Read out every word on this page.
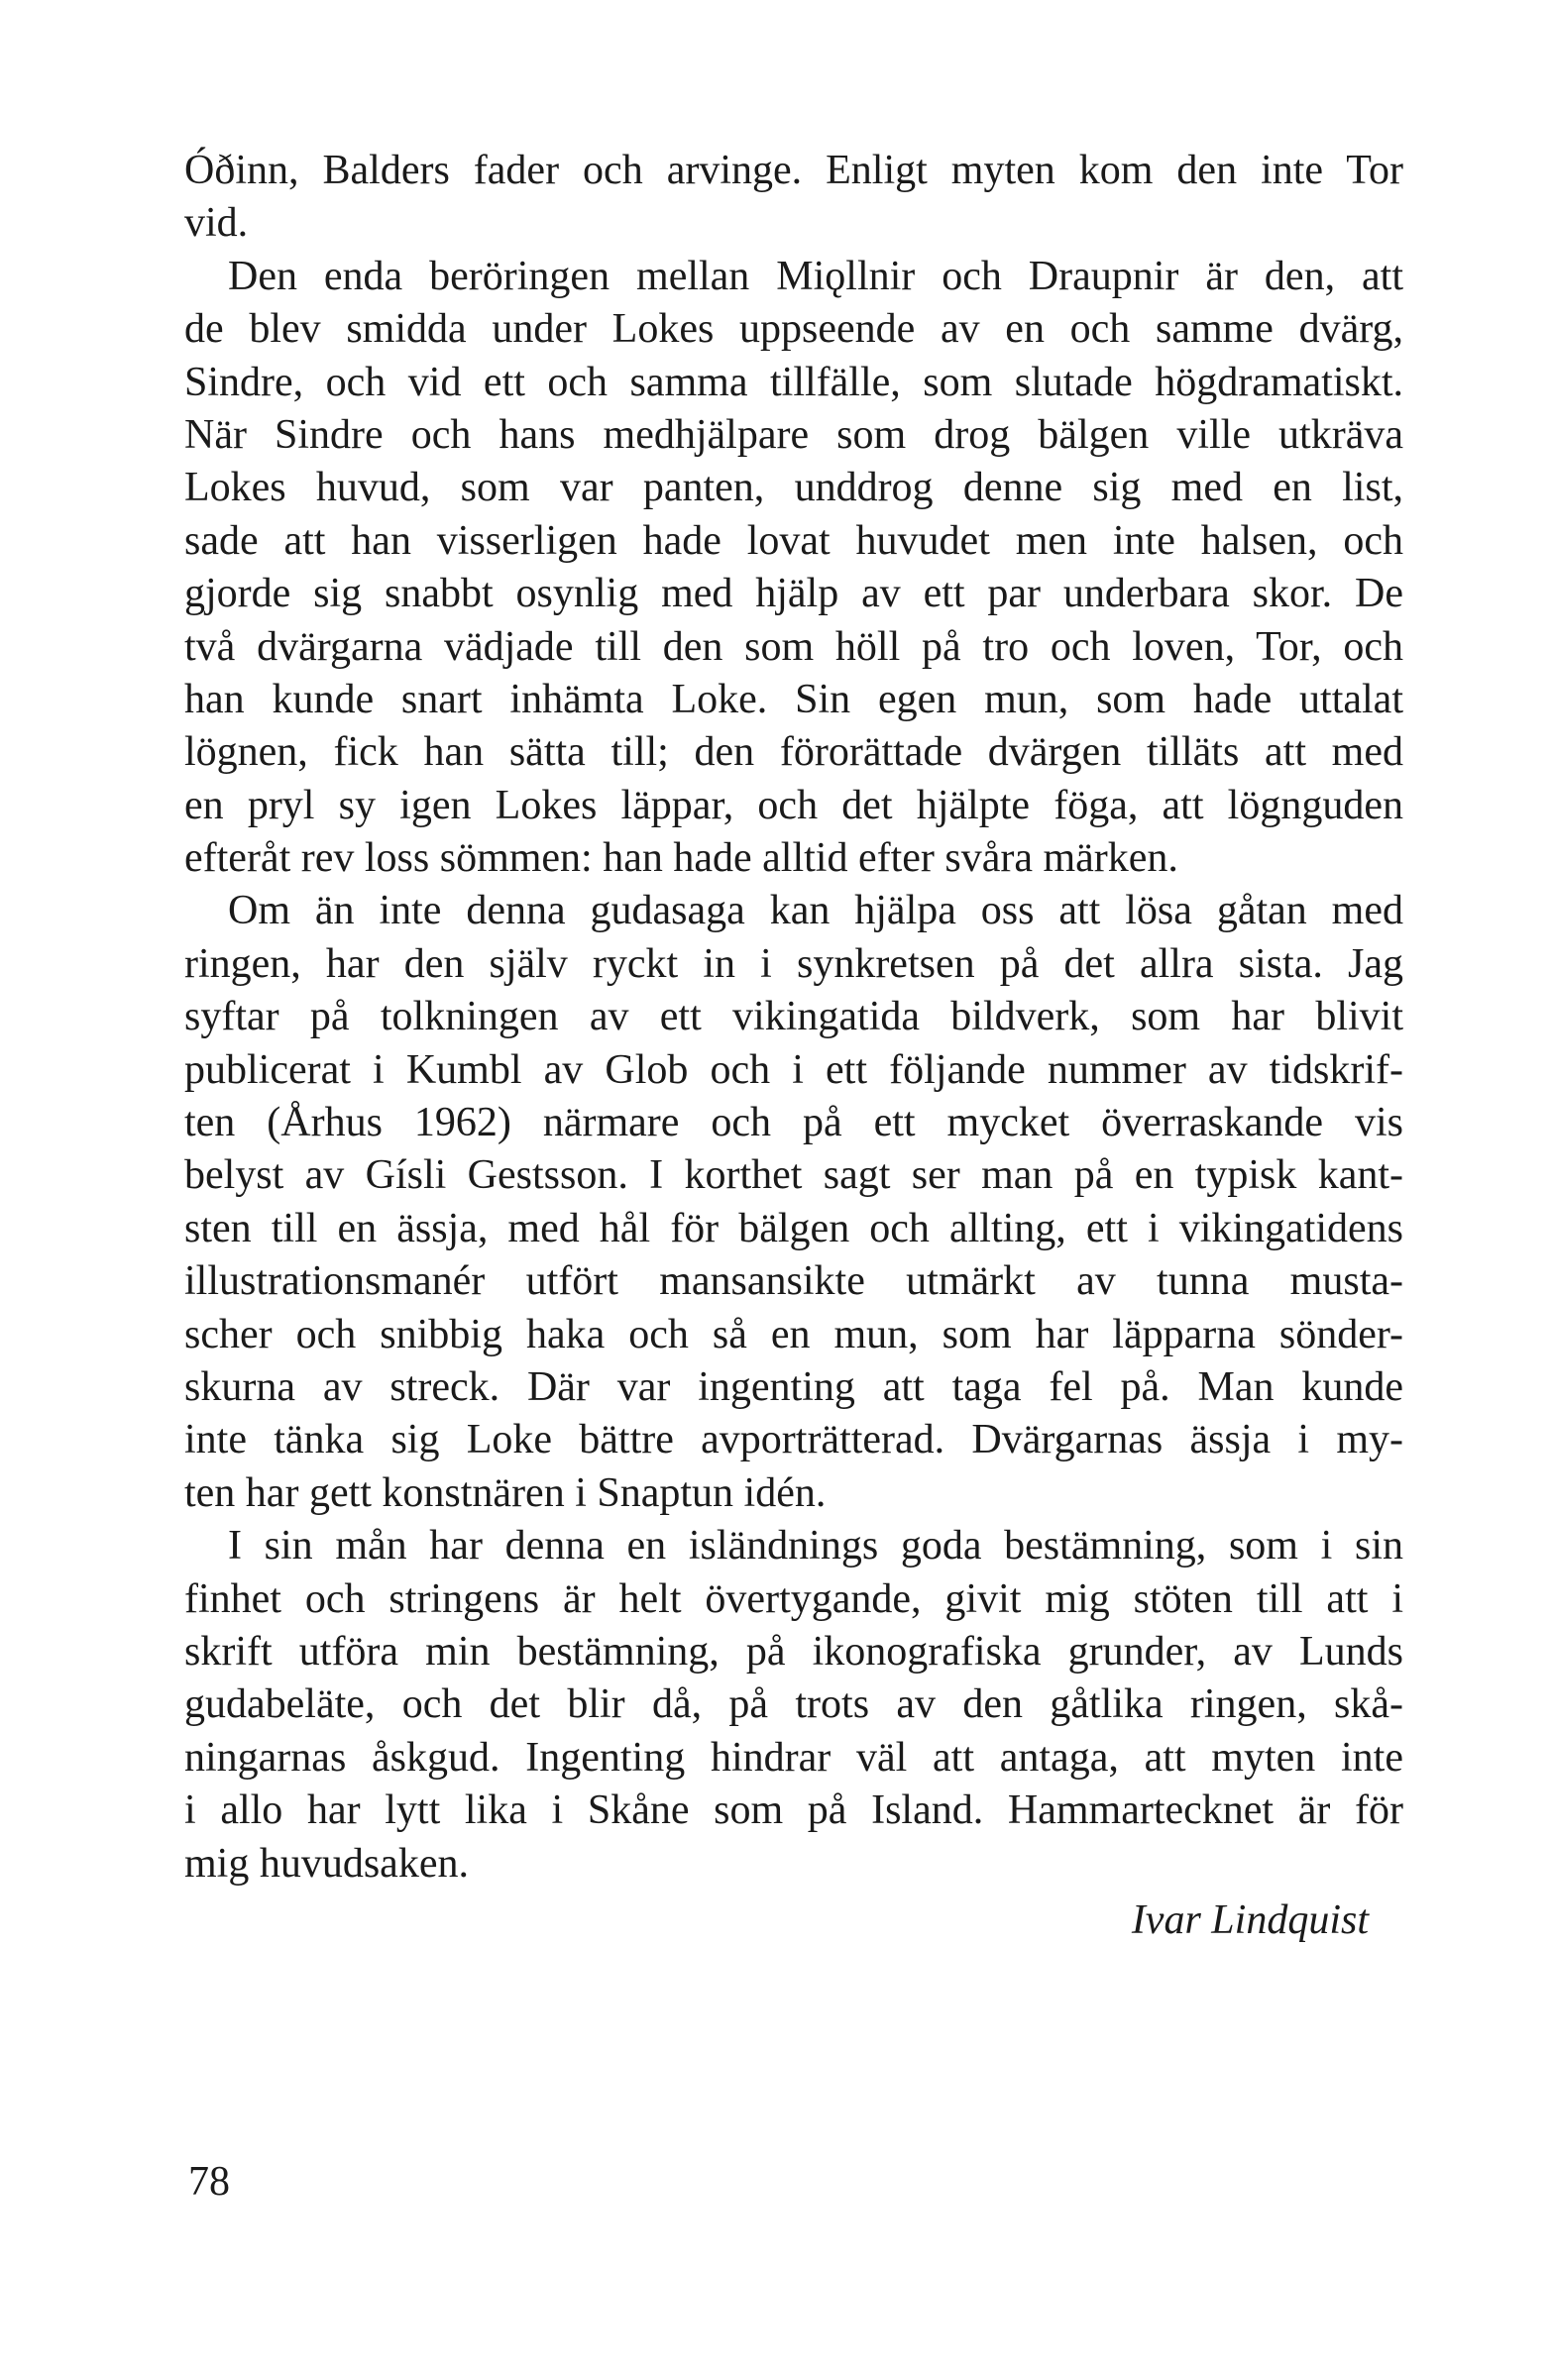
Óðinn, Balders fader och arvinge. Enligt myten kom den inte Tor
vid.
Den enda beröringen mellan Miǫllnir och Draupnir är den, att
de blev smidda under Lokes uppseende av en och samme dvärg,
Sindre, och vid ett och samma tillfälle, som slutade högdramatiskt.
När Sindre och hans medhjälpare som drog bälgen ville utkräva
Lokes huvud, som var panten, unddrog denne sig med en list,
sade att han visserligen hade lovat huvudet men inte halsen, och
gjorde sig snabbt osynlig med hjälp av ett par underbara skor. De
två dvärgarna vädjade till den som höll på tro och loven, Tor, och
han kunde snart inhämta Loke. Sin egen mun, som hade uttalat
lögnen, fick han sätta till; den förorättade dvärgen tilläts att med
en pryl sy igen Lokes läppar, och det hjälpte föga, att lögnguden
efteråt rev loss sömmen: han hade alltid efter svåra märken.
Om än inte denna gudasaga kan hjälpa oss att lösa gåtan med
ringen, har den själv ryckt in i synkretsen på det allra sista. Jag
syftar på tolkningen av ett vikingatida bildverk, som har blivit
publicerat i Kumbl av Glob och i ett följande nummer av tidskrif-
ten (Århus 1962) närmare och på ett mycket överraskande vis
belyst av Gísli Gestsson. I korthet sagt ser man på en typisk kant-
sten till en ässja, med hål för bälgen och allting, ett i vikingatidens
illustrationsmanér utfört mansansikte utmärkt av tunna musta-
scher och snibbig haka och så en mun, som har läpparna sönder-
skurna av streck. Där var ingenting att taga fel på. Man kunde
inte tänka sig Loke bättre avporträtterad. Dvärgarnas ässja i my-
ten har gett konstnären i Snaptun idén.
I sin mån har denna en isländnings goda bestämning, som i sin
finhet och stringens är helt övertygande, givit mig stöten till att i
skrift utföra min bestämning, på ikonografiska grunder, av Lunds
gudabeläte, och det blir då, på trots av den gåtlika ringen, skå-
ningarnas åskgud. Ingenting hindrar väl att antaga, att myten inte
i allo har lytt lika i Skåne som på Island. Hammartecknet är för
mig huvudsaken.
Ivar Lindquist
78
